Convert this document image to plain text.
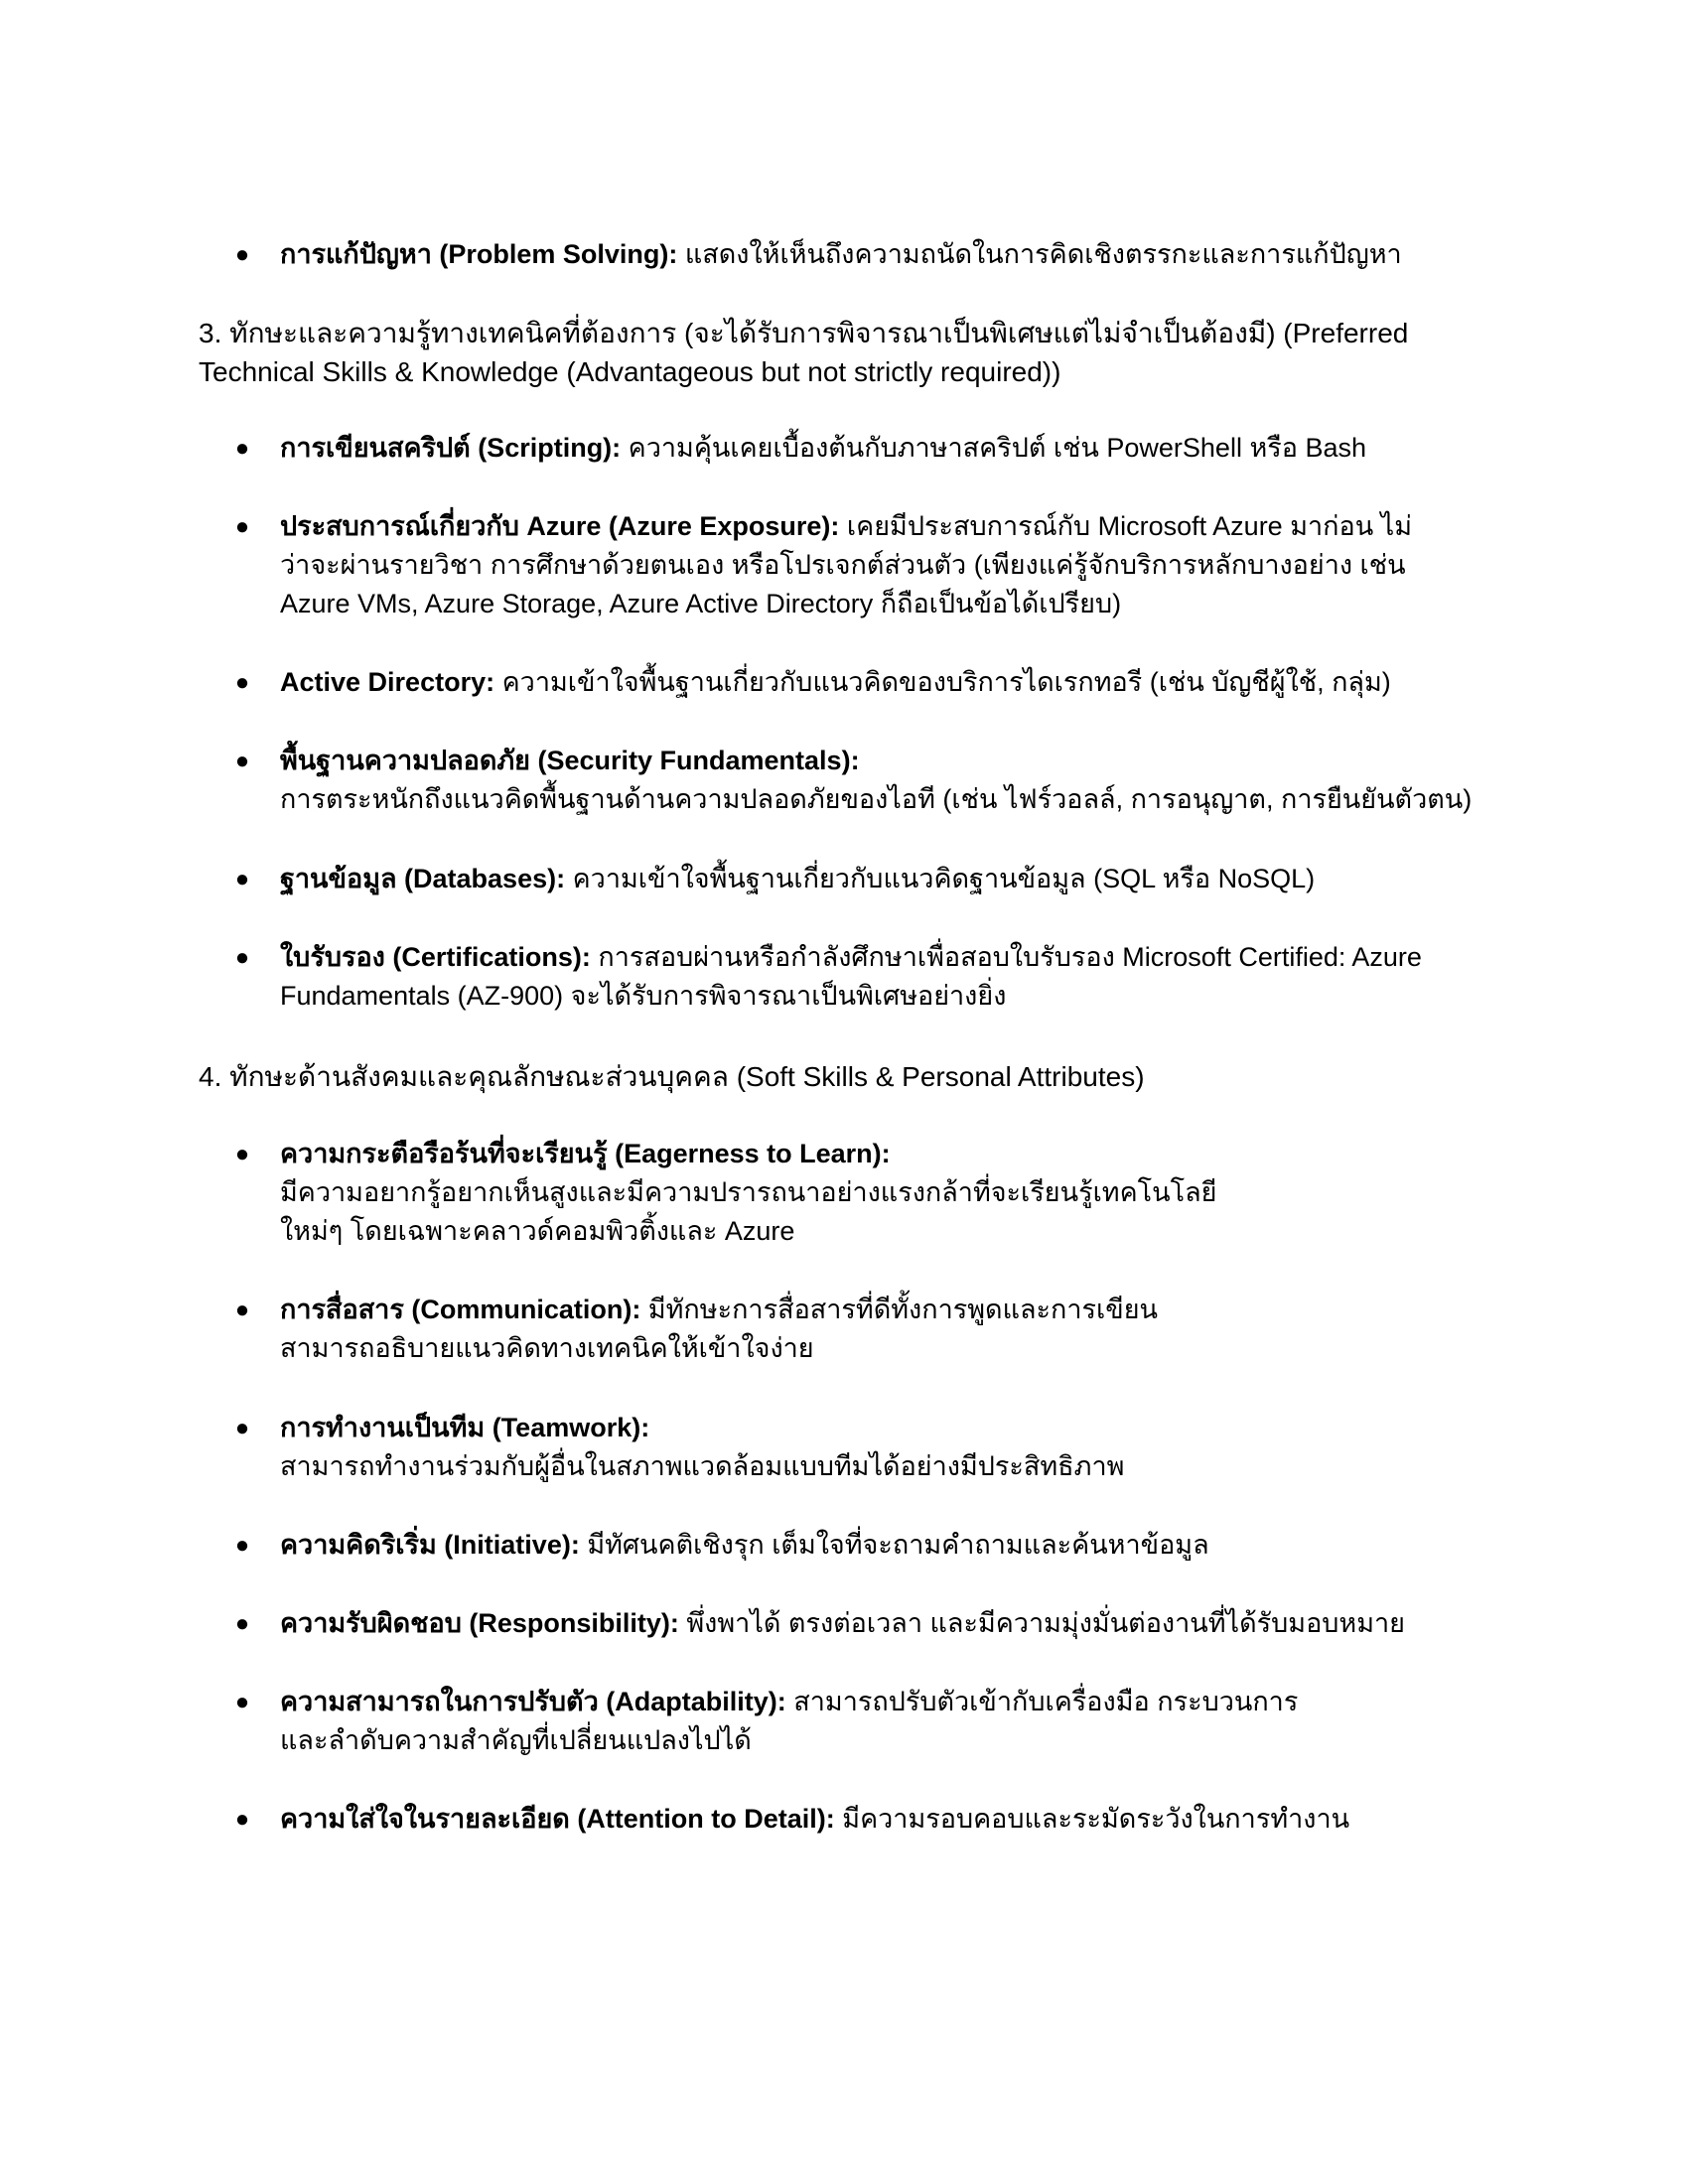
● การแก้ปัญหา (Problem Solving): แสดงให้เห็นถึงความถนัดในการคิดเชิงตรรกะและการแก้ปัญหา
3. ทักษะและความรู้ทางเทคนิคที่ต้องการ (จะได้รับการพิจารณาเป็นพิเศษแต่ไม่จำเป็นต้องมี) (Preferred Technical Skills & Knowledge (Advantageous but not strictly required))
● การเขียนสคริปต์ (Scripting): ความคุ้นเคยเบื้องต้นกับภาษาสคริปต์ เช่น PowerShell หรือ Bash
● ประสบการณ์เกี่ยวกับ Azure (Azure Exposure): เคยมีประสบการณ์กับ Microsoft Azure มาก่อน ไม่ว่าจะผ่านรายวิชา การศึกษาด้วยตนเอง หรือโปรเจกต์ส่วนตัว (เพียงแค่รู้จักบริการหลักบางอย่าง เช่น Azure VMs, Azure Storage, Azure Active Directory ก็ถือเป็นข้อได้เปรียบ)
● Active Directory: ความเข้าใจพื้นฐานเกี่ยวกับแนวคิดของบริการไดเรกทอรี (เช่น บัญชีผู้ใช้, กลุ่ม)
● พื้นฐานความปลอดภัย (Security Fundamentals):
การตระหนักถึงแนวคิดพื้นฐานด้านความปลอดภัยของไอที (เช่น ไฟร์วอลล์, การอนุญาต, การยืนยันตัวตน)
● ฐานข้อมูล (Databases): ความเข้าใจพื้นฐานเกี่ยวกับแนวคิดฐานข้อมูล (SQL หรือ NoSQL)
● ใบรับรอง (Certifications): การสอบผ่านหรือกำลังศึกษาเพื่อสอบใบรับรอง Microsoft Certified: Azure Fundamentals (AZ-900) จะได้รับการพิจารณาเป็นพิเศษอย่างยิ่ง
4. ทักษะด้านสังคมและคุณลักษณะส่วนบุคคล (Soft Skills & Personal Attributes)
● ความกระตือรือร้นที่จะเรียนรู้ (Eagerness to Learn):
มีความอยากรู้อยากเห็นสูงและมีความปรารถนาอย่างแรงกล้าที่จะเรียนรู้เทคโนโลยีใหม่ๆ โดยเฉพาะคลาวด์คอมพิวติ้งและ Azure
● การสื่อสาร (Communication): มีทักษะการสื่อสารที่ดีทั้งการพูดและการเขียน สามารถอธิบายแนวคิดทางเทคนิคให้เข้าใจง่าย
● การทำงานเป็นทีม (Teamwork):
สามารถทำงานร่วมกับผู้อื่นในสภาพแวดล้อมแบบทีมได้อย่างมีประสิทธิภาพ
● ความคิดริเริ่ม (Initiative): มีทัศนคติเชิงรุก เต็มใจที่จะถามคำถามและค้นหาข้อมูล
● ความรับผิดชอบ (Responsibility): พึ่งพาได้ ตรงต่อเวลา และมีความมุ่งมั่นต่องานที่ได้รับมอบหมาย
● ความสามารถในการปรับตัว (Adaptability): สามารถปรับตัวเข้ากับเครื่องมือ กระบวนการ และลำดับความสำคัญที่เปลี่ยนแปลงไปได้
● ความใส่ใจในรายละเอียด (Attention to Detail): มีความรอบคอบและระมัดระวังในการทำงาน
